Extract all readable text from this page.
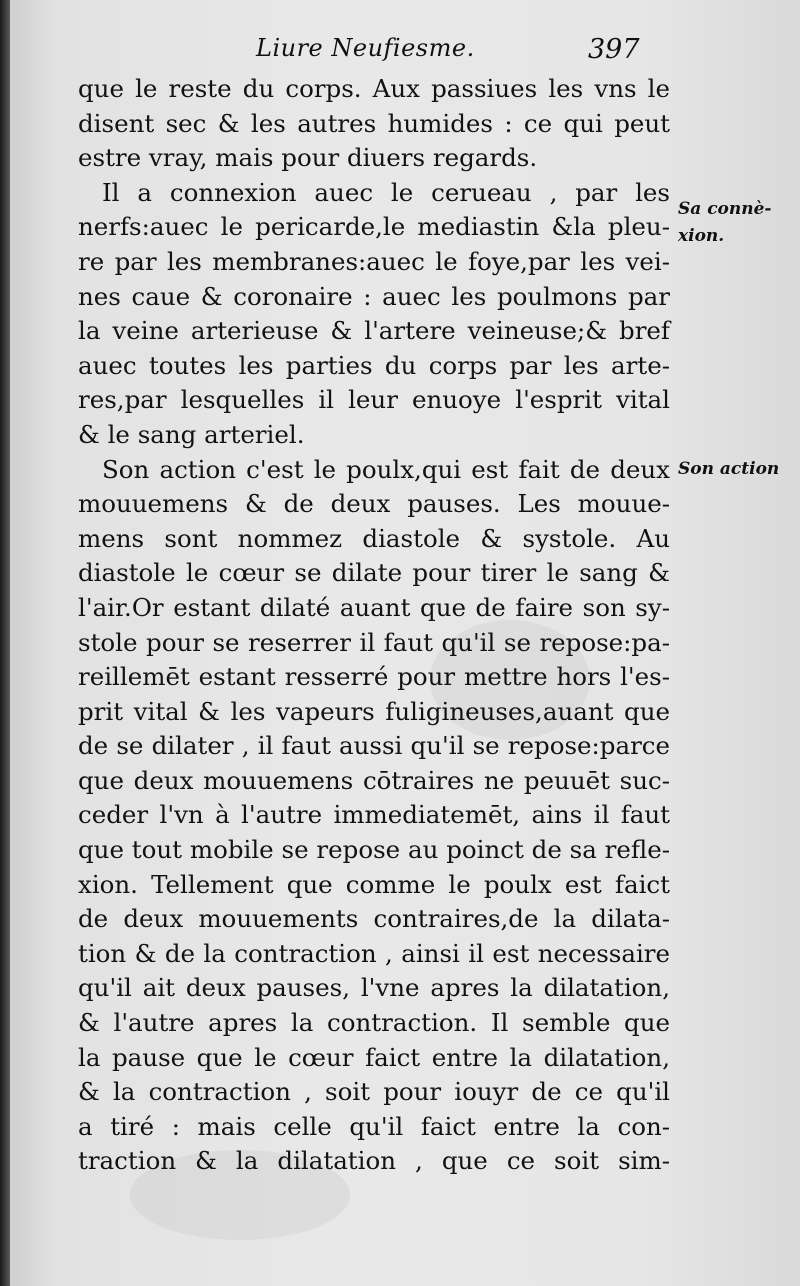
Liure Neufiesme.	397
que le reste du corps. Aux passiues les vns le
disent sec & les autres humides : ce qui peut
estre vray, mais pour diuers regards.
Il a connexion auec le cerueau , par les
nerfs:auec le pericarde,le mediastin &la pleu-
re par les membranes:auec le foye,par les vei-
nes caue & coronaire : auec les poulmons par
la veine arterieuse & l'artere veineuse;& bref
auec toutes les parties du corps par les arte-
res,par lesquelles il leur enuoye l'esprit vital
& le sang arteriel.
Son action c'est le poulx,qui est fait de deux
mouuemens & de deux pauses. Les mouue-
mens sont nommez diastole & systole. Au
diastole le cœur se dilate pour tirer le sang &
l'air.Or estant dilaté auant que de faire son sy-
stole pour se reserrer il faut qu'il se repose:pa-
reillemēt estant resserré pour mettre hors l'es-
prit vital & les vapeurs fuligineuses,auant que
de se dilater , il faut aussi qu'il se repose:parce
que deux mouuemens cōtraires ne peuuēt suc-
ceder l'vn à l'autre immediatemēt, ains il faut
que tout mobile se repose au poinct de sa refle-
xion. Tellement que comme le poulx est faict
de deux mouuements contraires,de la dilata-
tion & de la contraction , ainsi il est necessaire
qu'il ait deux pauses, l'vne apres la dilatation,
& l'autre apres la contraction. Il semble que
la pause que le cœur faict entre la dilatation,
& la contraction , soit pour iouyr de ce qu'il
a tiré : mais celle qu'il faict entre la con-
traction & la dilatation , que ce soit sim-
Sa connè-
xion.
Son action
